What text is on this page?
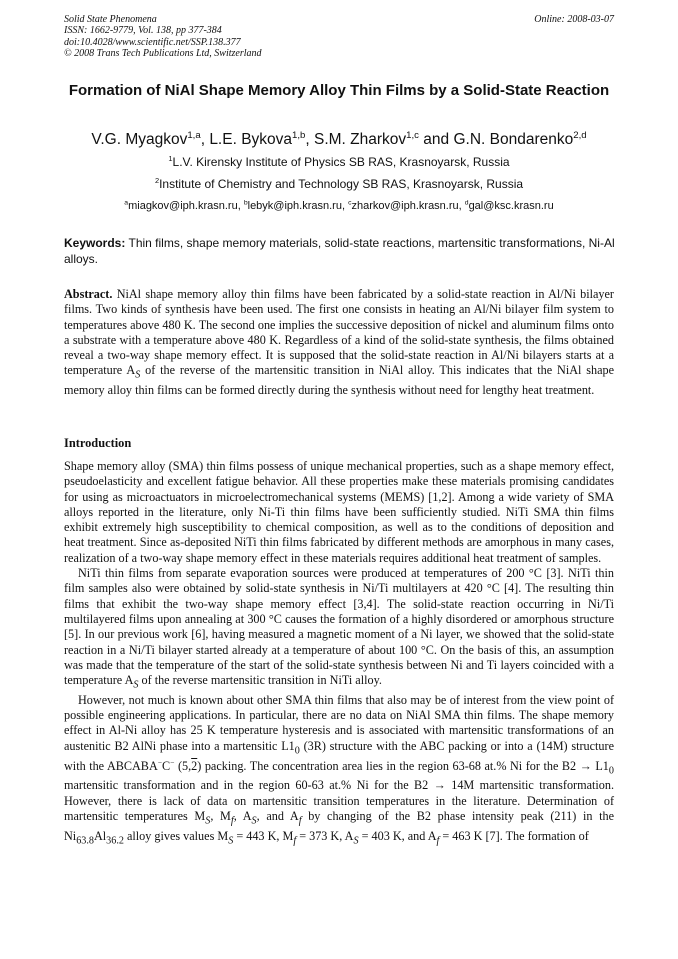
Solid State Phenomena
ISSN: 1662-9779, Vol. 138, pp 377-384
doi:10.4028/www.scientific.net/SSP.138.377
© 2008 Trans Tech Publications Ltd, Switzerland
Online: 2008-03-07
Formation of NiAl Shape Memory Alloy Thin Films by a Solid-State Reaction
V.G. Myagkov$^{1,a}$, L.E. Bykova$^{1,b}$, S.M. Zharkov$^{1,c}$ and G.N. Bondarenko$^{2,d}$
$^1$L.V. Kirensky Institute of Physics SB RAS, Krasnoyarsk, Russia
$^2$Institute of Chemistry and Technology SB RAS, Krasnoyarsk, Russia
$^a$miagkov@iph.krasn.ru, $^b$lebyk@iph.krasn.ru, $^c$zharkov@iph.krasn.ru, $^d$gal@ksc.krasn.ru
Keywords: Thin films, shape memory materials, solid-state reactions, martensitic transformations, Ni-Al alloys.
Abstract. NiAl shape memory alloy thin films have been fabricated by a solid-state reaction in Al/Ni bilayer films. Two kinds of synthesis have been used. The first one consists in heating an Al/Ni bilayer film system to temperatures above 480 K. The second one implies the successive deposition of nickel and aluminum films onto a substrate with a temperature above 480 K. Regardless of a kind of the solid-state synthesis, the films obtained reveal a two-way shape memory effect. It is supposed that the solid-state reaction in Al/Ni bilayers starts at a temperature $A_S$ of the reverse of the martensitic transition in NiAl alloy. This indicates that the NiAl shape memory alloy thin films can be formed directly during the synthesis without need for lengthy heat treatment.
Introduction

Shape memory alloy (SMA) thin films possess of unique mechanical properties, such as a shape memory effect, pseudoelasticity and excellent fatigue behavior. All these properties make these materials promising candidates for using as microactuators in microelectromechanical systems (MEMS) [1,2]. Among a wide variety of SMA alloys reported in the literature, only Ni-Ti thin films have been sufficiently studied. NiTi SMA thin films exhibit extremely high susceptibility to chemical composition, as well as to the conditions of deposition and heat treatment. Since as-deposited NiTi thin films fabricated by different methods are amorphous in many cases, realization of a two-way shape memory effect in these materials requires additional heat treatment of samples.

NiTi thin films from separate evaporation sources were produced at temperatures of 200 °C [3]. NiTi thin film samples also were obtained by solid-state synthesis in Ni/Ti multilayers at 420 °C [4]. The resulting thin films that exhibit the two-way shape memory effect [3,4]. The solid-state reaction occurring in Ni/Ti multilayered films upon annealing at 300 °C causes the formation of a highly disordered or amorphous structure [5]. In our previous work [6], having measured a magnetic moment of a Ni layer, we showed that the solid-state reaction in a Ni/Ti bilayer started already at a temperature of about 100 °C. On the basis of this, an assumption was made that the temperature of the start of the solid-state synthesis between Ni and Ti layers coincided with a temperature $A_S$ of the reverse martensitic transition in NiTi alloy.

However, not much is known about other SMA thin films that also may be of interest from the view point of possible engineering applications. In particular, there are no data on NiAl SMA thin films. The shape memory effect in Al-Ni alloy has 25 K temperature hysteresis and is associated with martensitic transformations of an austenitic B2 AlNi phase into a martensitic $L1_0$ (3R) structure with the ABC packing or into a (14M) structure with the ABCABA−C− (5,2) packing. The concentration area lies in the region 63-68 at.% Ni for the $B2 \to L1_0$ martensitic transformation and in the region 60-63 at.% Ni for the B2 → 14M martensitic transformation. However, there is lack of data on martensitic transition temperatures in the literature. Determination of martensitic temperatures $M_S$, $M_f$, $A_S$, and $A_f$ by changing of the B2 phase intensity peak (211) in the $Ni_{63.8}Al_{36.2}$ alloy gives values $M_S = 443$ K, $M_f = 373$ K, $A_S = 403$ K, and $A_f = 463$ K [7]. The formation of
